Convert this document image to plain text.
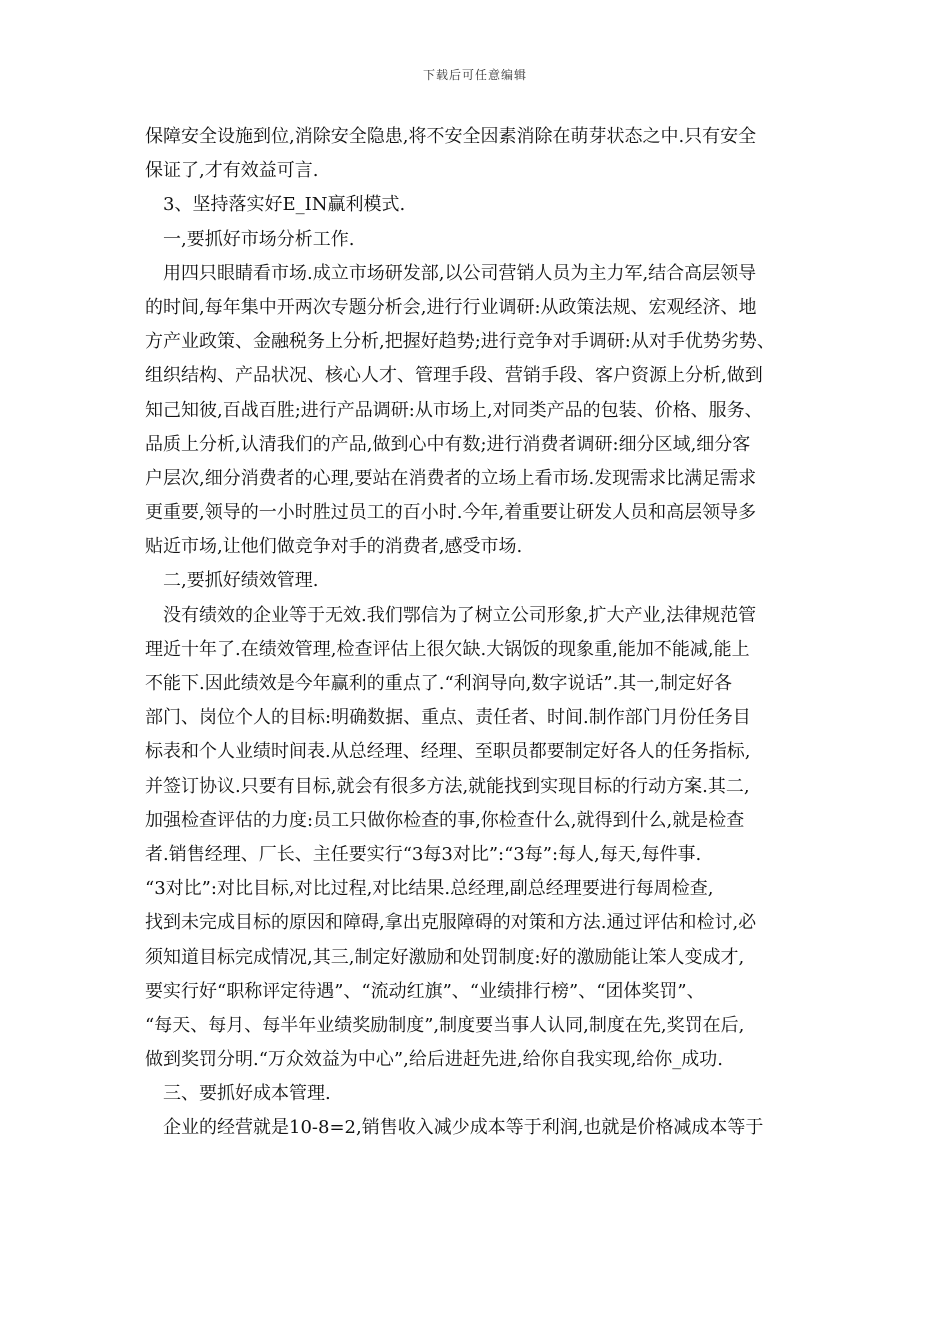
下载后可任意编辑
保障安全设施到位,消除安全隐患,将不安全因素消除在萌芽状态之中.只有安全
保证了,才有效益可言.
3、坚持落实好E_IN赢利模式.
一,要抓好市场分析工作.
用四只眼睛看市场.成立市场研发部,以公司营销人员为主力军,结合高层领导
的时间,每年集中开两次专题分析会,进行行业调研:从政策法规、宏观经济、地
方产业政策、金融税务上分析,把握好趋势;进行竞争对手调研:从对手优势劣势、
组织结构、产品状况、核心人才、管理手段、营销手段、客户资源上分析,做到
知己知彼,百战百胜;进行产品调研:从市场上,对同类产品的包装、价格、服务、
品质上分析,认清我们的产品,做到心中有数;进行消费者调研:细分区域,细分客
户层次,细分消费者的心理,要站在消费者的立场上看市场.发现需求比满足需求
更重要,领导的一小时胜过员工的百小时.今年,着重要让研发人员和高层领导多
贴近市场,让他们做竞争对手的消费者,感受市场.
二,要抓好绩效管理.
没有绩效的企业等于无效.我们鄂信为了树立公司形象,扩大产业,法律规范管
理近十年了.在绩效管理,检查评估上很欠缺.大锅饭的现象重,能加不能减,能上
不能下.因此绩效是今年赢利的重点了.“利润导向,数字说话”.其一,制定好各
部门、岗位个人的目标:明确数据、重点、责任者、时间.制作部门月份任务目
标表和个人业绩时间表.从总经理、经理、至职员都要制定好各人的任务指标,
并签订协议.只要有目标,就会有很多方法,就能找到实现目标的行动方案.其二,
加强检查评估的力度:员工只做你检查的事,你检查什么,就得到什么,就是检查
者.销售经理、厂长、主任要实行“3每3对比”:“3每”:每人,每天,每件事.
“3对比”:对比目标,对比过程,对比结果.总经理,副总经理要进行每周检查,
找到未完成目标的原因和障碍,拿出克服障碍的对策和方法.通过评估和检讨,必
须知道目标完成情况,其三,制定好激励和处罚制度:好的激励能让笨人变成才,
要实行好“职称评定待遇”、“流动红旗”、“业绩排行榜”、“团体奖罚”、
“每天、每月、每半年业绩奖励制度”,制度要当事人认同,制度在先,奖罚在后,
做到奖罚分明.“万众效益为中心”,给后进赶先进,给你自我实现,给你_成功.
三、要抓好成本管理.
企业的经营就是10-8=2,销售收入减少成本等于利润,也就是价格减成本等于
